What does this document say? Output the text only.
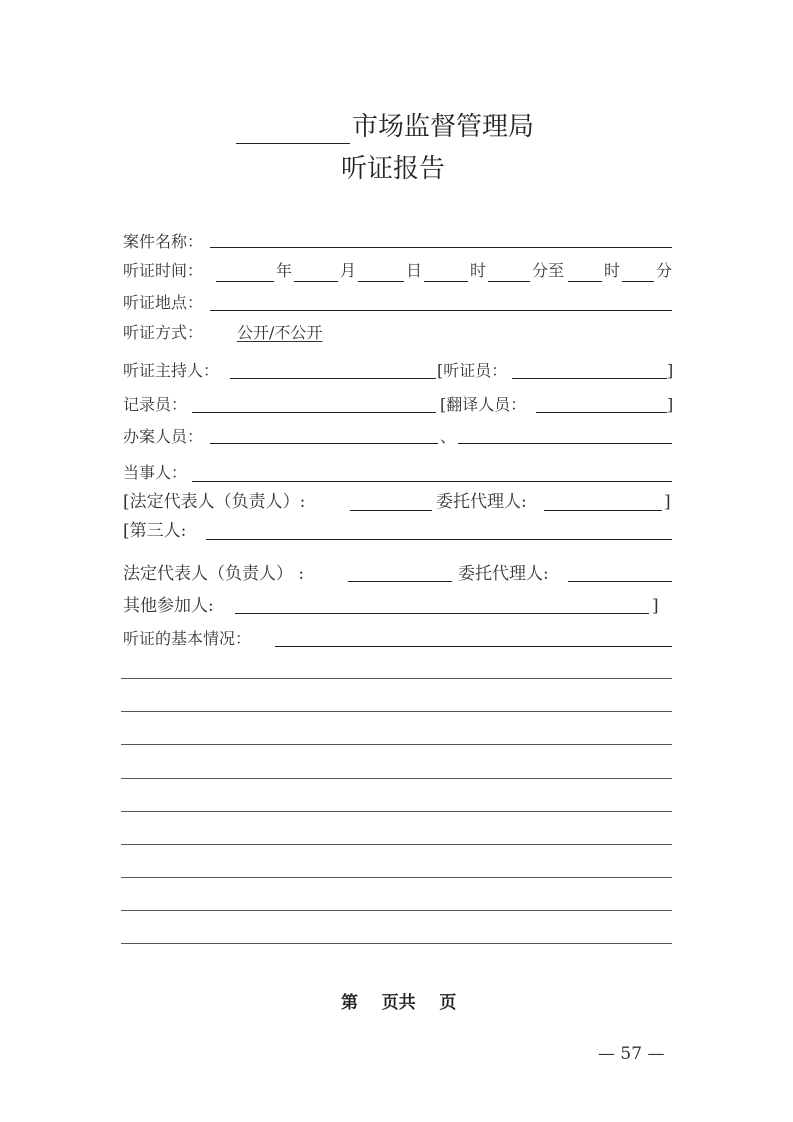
市场监督管理局
听证报告
案件名称：
听证时间：	年	月	日	时	分至 时 分
听证地点：
听证方式： 公开/不公开
听证主持人：	[听证员：	]
记录员：	[翻译人员：	]
办案人员：	、
当事人：
[法定代表人（负责人）:	委托代理人:	]
[第三人:
法定代表人（负责人） :	委托代理人:
其他参加人:	]
听证的基本情况：
第    页共    页
— 57 —
